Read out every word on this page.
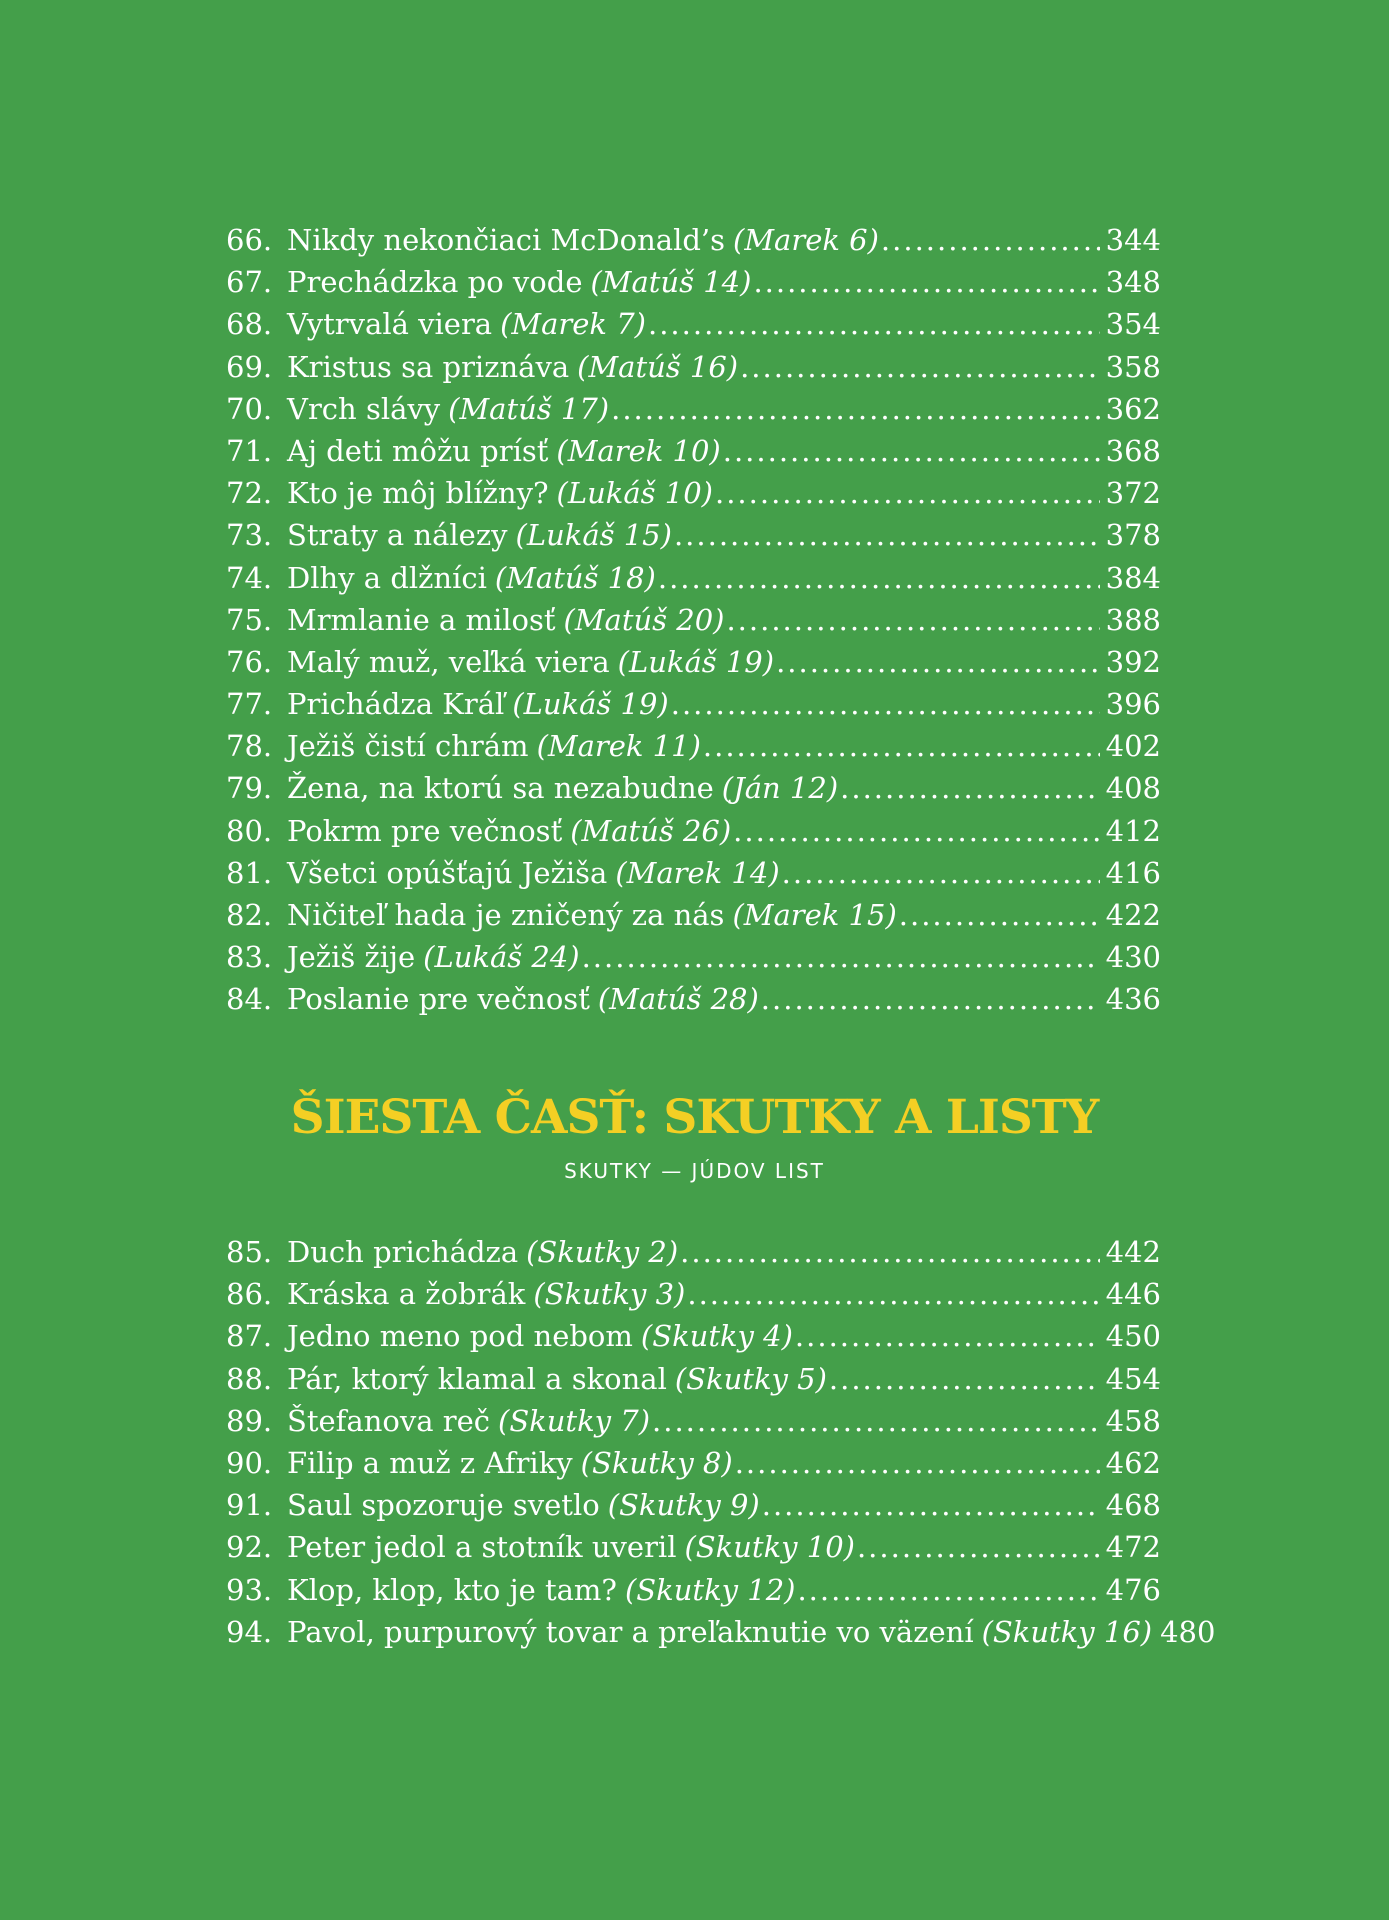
66. Nikdy nekončiaci McDonald’s (Marek 6) .....	344
67. Prechádzka po vode (Matúš 14) .....	348
68. Vytrvalá viera (Marek 7) .....	354
69. Kristus sa priznáva (Matúš 16) .....	358
70. Vrch slávy (Matúš 17) .....	362
71. Aj deti môžu prísť (Marek 10) .....	368
72. Kto je môj blížny? (Lukáš 10) .....	372
73. Straty a nálezy (Lukáš 15) .....	378
74. Dlhy a dlžníci (Matúš 18) .....	384
75. Mrmlanie a milosť (Matúš 20) .....	388
76. Malý muž, veľká viera (Lukáš 19) .....	392
77. Prichádza Kráľ (Lukáš 19) .....	396
78. Ježiš čistí chrám (Marek 11) .....	402
79. Žena, na ktorú sa nezabudne (Ján 12) .....	408
80. Pokrm pre večnosť (Matúš 26) .....	412
81. Všetci opúšťajú Ježiša (Marek 14) .....	416
82. Ničiteľ hada je zničený za nás (Marek 15) .....	422
83. Ježiš žije (Lukáš 24) .....	430
84. Poslanie pre večnosť (Matúš 28) .....	436
ŠIESTA ČASŤ: SKUTKY A LISTY

SKUTKY — JÚDOV LIST

85. Duch prichádza (Skutky 2) .....	442
86. Kráska a žobrák (Skutky 3) .....	446
87. Jedno meno pod nebom (Skutky 4) .....	450
88. Pár, ktorý klamal a skonal (Skutky 5) .....	454
89. Štefanova reč (Skutky 7) .....	458
90. Filip a muž z Afriky (Skutky 8) .....	462
91. Saul spozoruje svetlo (Skutky 9) .....	468
92. Peter jedol a stotník uveril (Skutky 10) .....	472
93. Klop, klop, kto je tam? (Skutky 12) .....	476
94. Pavol, purpurový tovar a preľaknutie vo väzení (Skutky 16) 480
